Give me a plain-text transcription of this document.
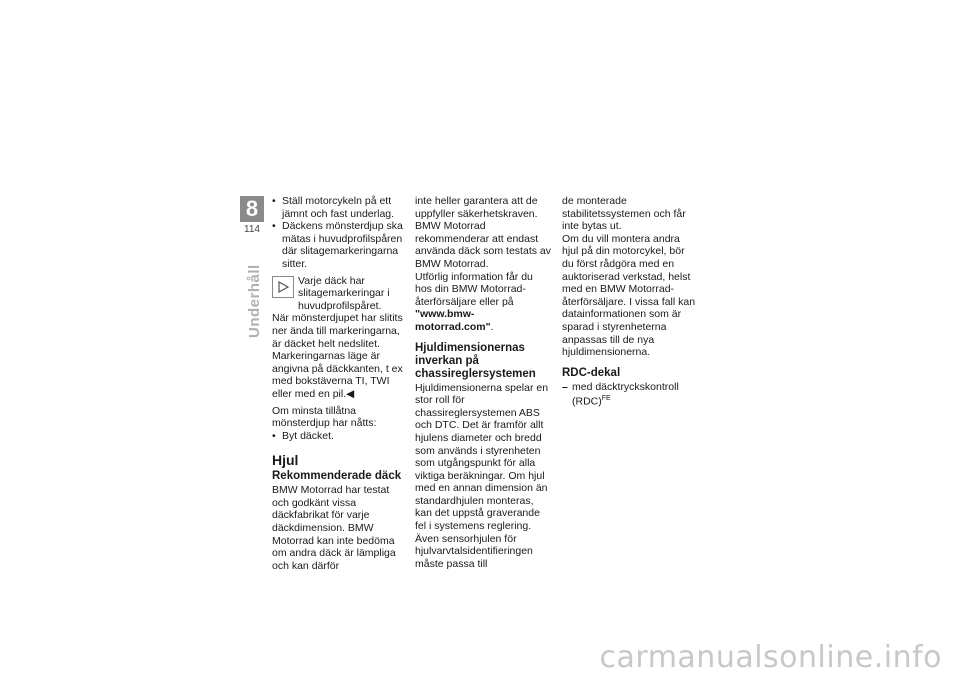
8
114
Underhåll

• Ställ motorcykeln på ett jämnt och fast underlag.

• Däckens mönsterdjup ska mätas i huvudprofilspåren där slitagemarkeringarna sitter.

Varje däck har slitagemarkeringar i huvudprofilspåret.

När mönsterdjupet har slitits ner ända till markeringarna, är däcket helt nedslitet. Markeringarnas läge är angivna på däckkanten, t ex med bokstäverna TI, TWI eller med en pil.◀

Om minsta tillåtna mönsterdjup har nåtts:

• Byt däcket.

Hjul
Rekommenderade däck

BMW Motorrad har testat och godkänt vissa däckfabrikat för varje däckdimension. BMW Motorrad kan inte bedöma om andra däck är lämpliga och kan därför

inte heller garantera att de uppfyller säkerhetskraven.

BMW Motorrad rekommenderar att endast använda däck som testats av BMW Motorrad.

Utförlig information får du hos din BMW Motorrad-återförsäljare eller på "www.bmw-motorrad.com".

Hjuldimensionernas inverkan på chassireglersystemen

Hjuldimensionerna spelar en stor roll för chassireglersystemen ABS och DTC. Det är framför allt hjulens diameter och bredd som används i styrenheten som utgångspunkt för alla viktiga beräkningar. Om hjul med en annan dimension än standardhjulen monteras, kan det uppstå graverande fel i systemens reglering. Även sensorhjulen för hjulvarvtalsidentifieringen måste passa till

de monterade stabilitetssystemen och får inte bytas ut.

Om du vill montera andra hjul på din motorcykel, bör du först rådgöra med en auktoriserad verkstad, helst med en BMW Motorrad-återförsäljare. I vissa fall kan datainformationen som är sparad i styrenheterna anpassas till de nya hjuldimensionerna.

RDC-dekal

– med däcktryckskontroll (RDC)$^{FE}$

carmanualsonline.info
